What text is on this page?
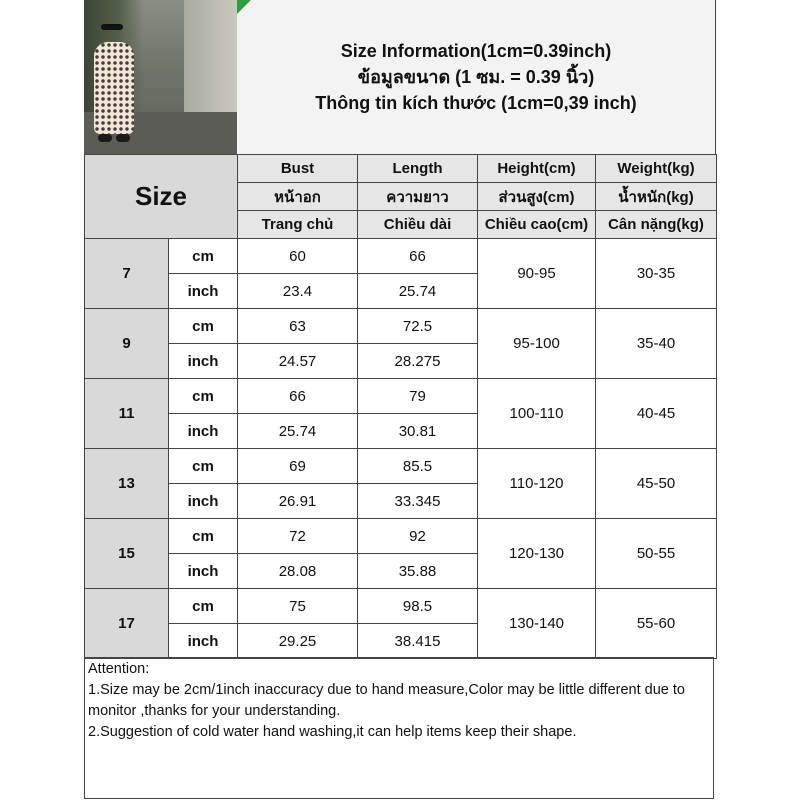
Size Information(1cm=0.39inch)
ข้อมูลขนาด (1 ซม. = 0.39 นิ้ว)
Thông tin kích thước (1cm=0,39 inch)
Size		Bust	Length	Height(cm)	Weight(kg)
		หน้าอก	ความยาว	ส่วนสูง(cm)	น้ำหนัก(kg)
		Trang chủ	Chiều dài	Chiều cao(cm)	Cân nặng(kg)
7	cm	60	66	90-95	30-35
	inch	23.4	25.74		
9	cm	63	72.5	95-100	35-40
	inch	24.57	28.275		
11	cm	66	79	100-110	40-45
	inch	25.74	30.81		
13	cm	69	85.5	110-120	45-50
	inch	26.91	33.345		
15	cm	72	92	120-130	50-55
	inch	28.08	35.88		
17	cm	75	98.5	130-140	55-60
	inch	29.25	38.415		

Attention:

1.Size may be 2cm/1inch inaccuracy due to hand measure,Color may be little different due to monitor ,thanks for your understanding.

2.Suggestion of cold water hand washing,it can help items keep their shape.
